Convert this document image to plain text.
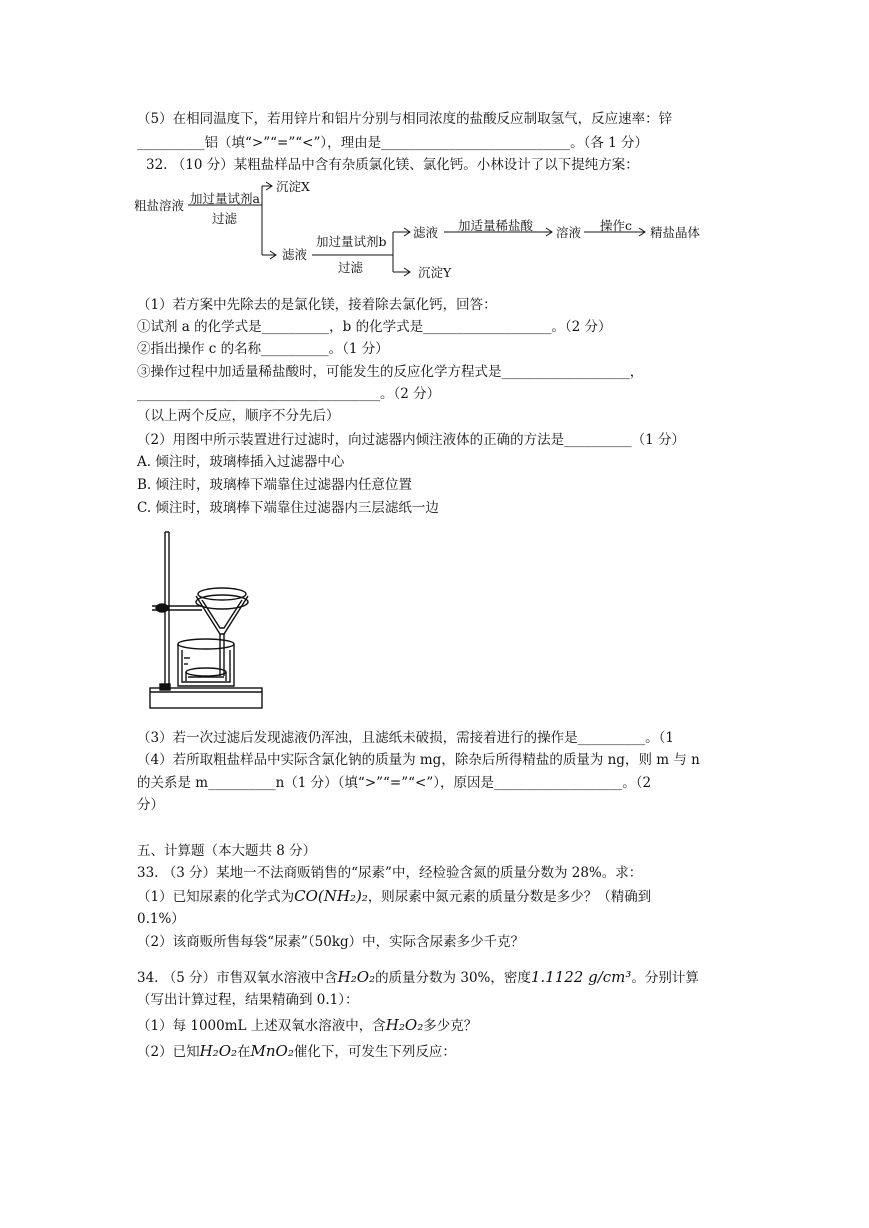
（5）在相同温度下，若用锌片和铝片分别与相同浓度的盐酸反应制取氢气，反应速率：锌
__________铝（填“>”“=”“<”），理由是____________________________。（各 1 分）
32. （10 分）某粗盐样品中含有杂质氯化镁、氯化钙。小林设计了以下提纯方案：
粗盐溶液 加过量试剂a
过滤
沉淀X
滤液
加过量试剂b
过滤
滤液
沉淀Y
加适量稀盐酸 溶液 操作c 精盐晶体
（1）若方案中先除去的是氯化镁，接着除去氯化钙，回答：
①试剂 a 的化学式是__________，b 的化学式是___________________。（2 分）
②指出操作 c 的名称__________。（1 分）
③操作过程中加适量稀盐酸时，可能发生的反应化学方程式是___________________，
____________________________________。（2 分）
（以上两个反应，顺序不分先后）
（2）用图中所示装置进行过滤时，向过滤器内倾注液体的正确的方法是__________（1 分）
A. 倾注时，玻璃棒插入过滤器中心
B. 倾注时，玻璃棒下端靠住过滤器内任意位置
C. 倾注时，玻璃棒下端靠住过滤器内三层滤纸一边
（3）若一次过滤后发现滤液仍浑浊，且滤纸未破损，需接着进行的操作是__________。（1
（4）若所取粗盐样品中实际含氯化钠的质量为 mg，除杂后所得精盐的质量为 ng，则 m 与 n
的关系是 m__________n（1 分）（填“>”“=”“<”），原因是___________________。（2
分）
五、计算题（本大题共 8 分）
33. （3 分）某地一不法商贩销售的“尿素”中，经检验含氮的质量分数为 28%。求：
（1）已知尿素的化学式为CO(NH₂)₂，则尿素中氮元素的质量分数是多少？（精确到
0.1%）
（2）该商贩所售每袋“尿素”（50kg）中，实际含尿素多少千克？
34. （5 分）市售双氧水溶液中含H₂O₂的质量分数为 30%，密度1.1122 g/cm³。分别计算
（写出计算过程，结果精确到 0.1）：
（1）每 1000mL 上述双氧水溶液中，含H₂O₂多少克？
（2）已知H₂O₂在MnO₂催化下，可发生下列反应：
